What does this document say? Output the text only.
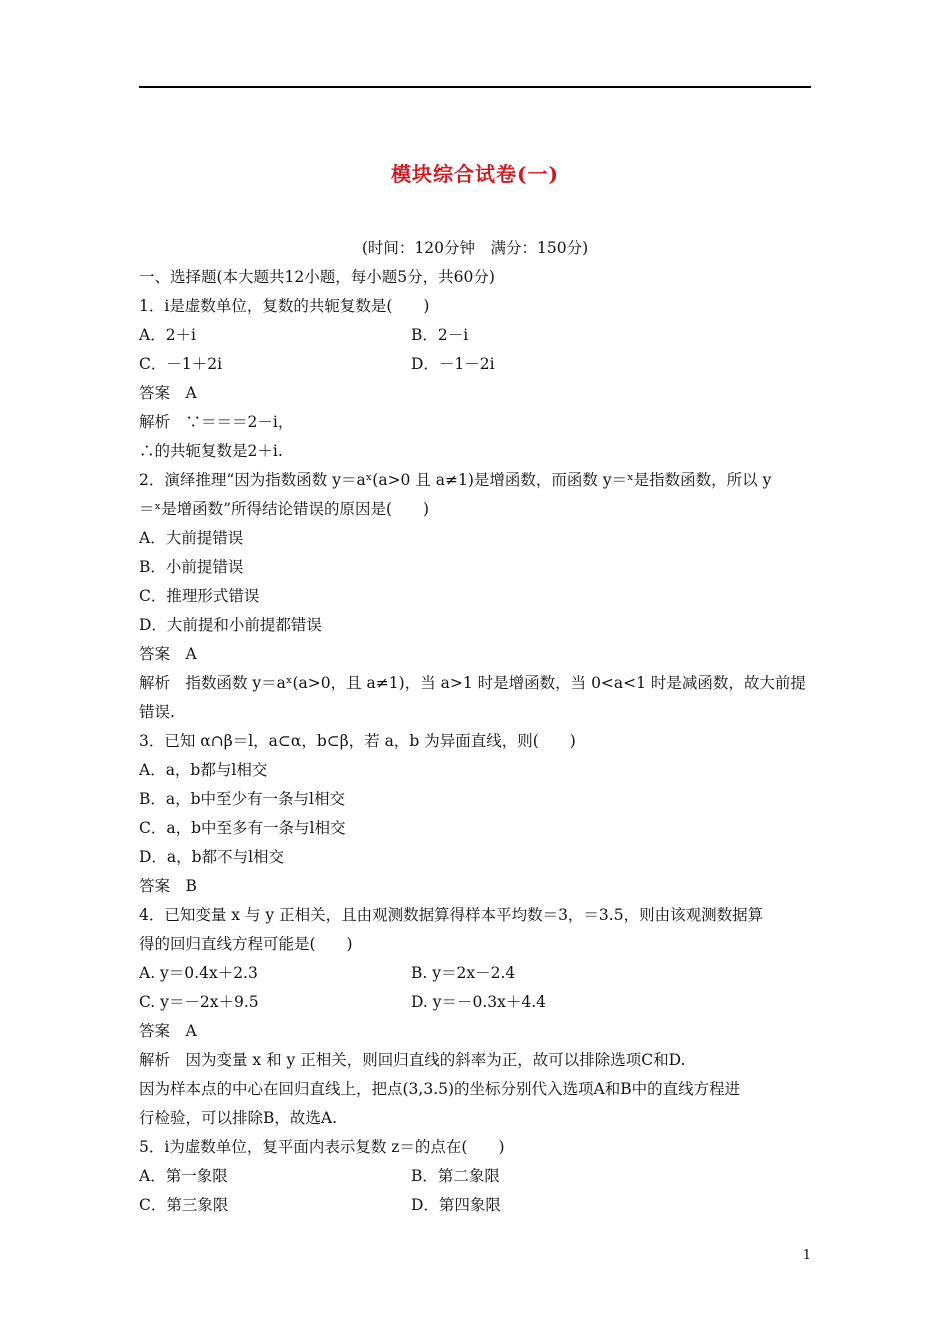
模块综合试卷(一)
(时间：120分钟　满分：150分)
一、选择题(本大题共12小题，每小题5分，共60分)
1．i是虚数单位，复数的共轭复数是(　　)
A．2＋i	B．2－i
C．－1＋2i	D．－1－2i
答案　A
解析　∵＝＝＝2－i，
∴的共轭复数是2＋i.
2．演绎推理“因为指数函数 y＝aˣ(a>0 且 a≠1)是增函数，而函数 y＝ˣ是指数函数，所以 y
＝ˣ是增函数”所得结论错误的原因是(　　)
A．大前提错误
B．小前提错误
C．推理形式错误
D．大前提和小前提都错误
答案　A
解析　指数函数 y＝aˣ(a>0，且 a≠1)，当 a>1 时是增函数，当 0<a<1 时是减函数，故大前提
错误.
3．已知 α∩β＝l，a⊂α，b⊂β，若 a，b 为异面直线，则(　　)
A．a，b都与l相交
B．a，b中至少有一条与l相交
C．a，b中至多有一条与l相交
D．a，b都不与l相交
答案　B
4．已知变量 x 与 y 正相关，且由观测数据算得样本平均数＝3，＝3.5，则由该观测数据算
得的回归直线方程可能是(　　)
A. y＝0.4x＋2.3	B. y＝2x－2.4
C. y＝－2x＋9.5	D. y＝－0.3x＋4.4
答案　A
解析　因为变量 x 和 y 正相关，则回归直线的斜率为正，故可以排除选项C和D.
因为样本点的中心在回归直线上，把点(3,3.5)的坐标分别代入选项A和B中的直线方程进
行检验，可以排除B，故选A.
5．i为虚数单位，复平面内表示复数 z＝的点在(　　)
A．第一象限	B．第二象限
C．第三象限	D．第四象限
1
